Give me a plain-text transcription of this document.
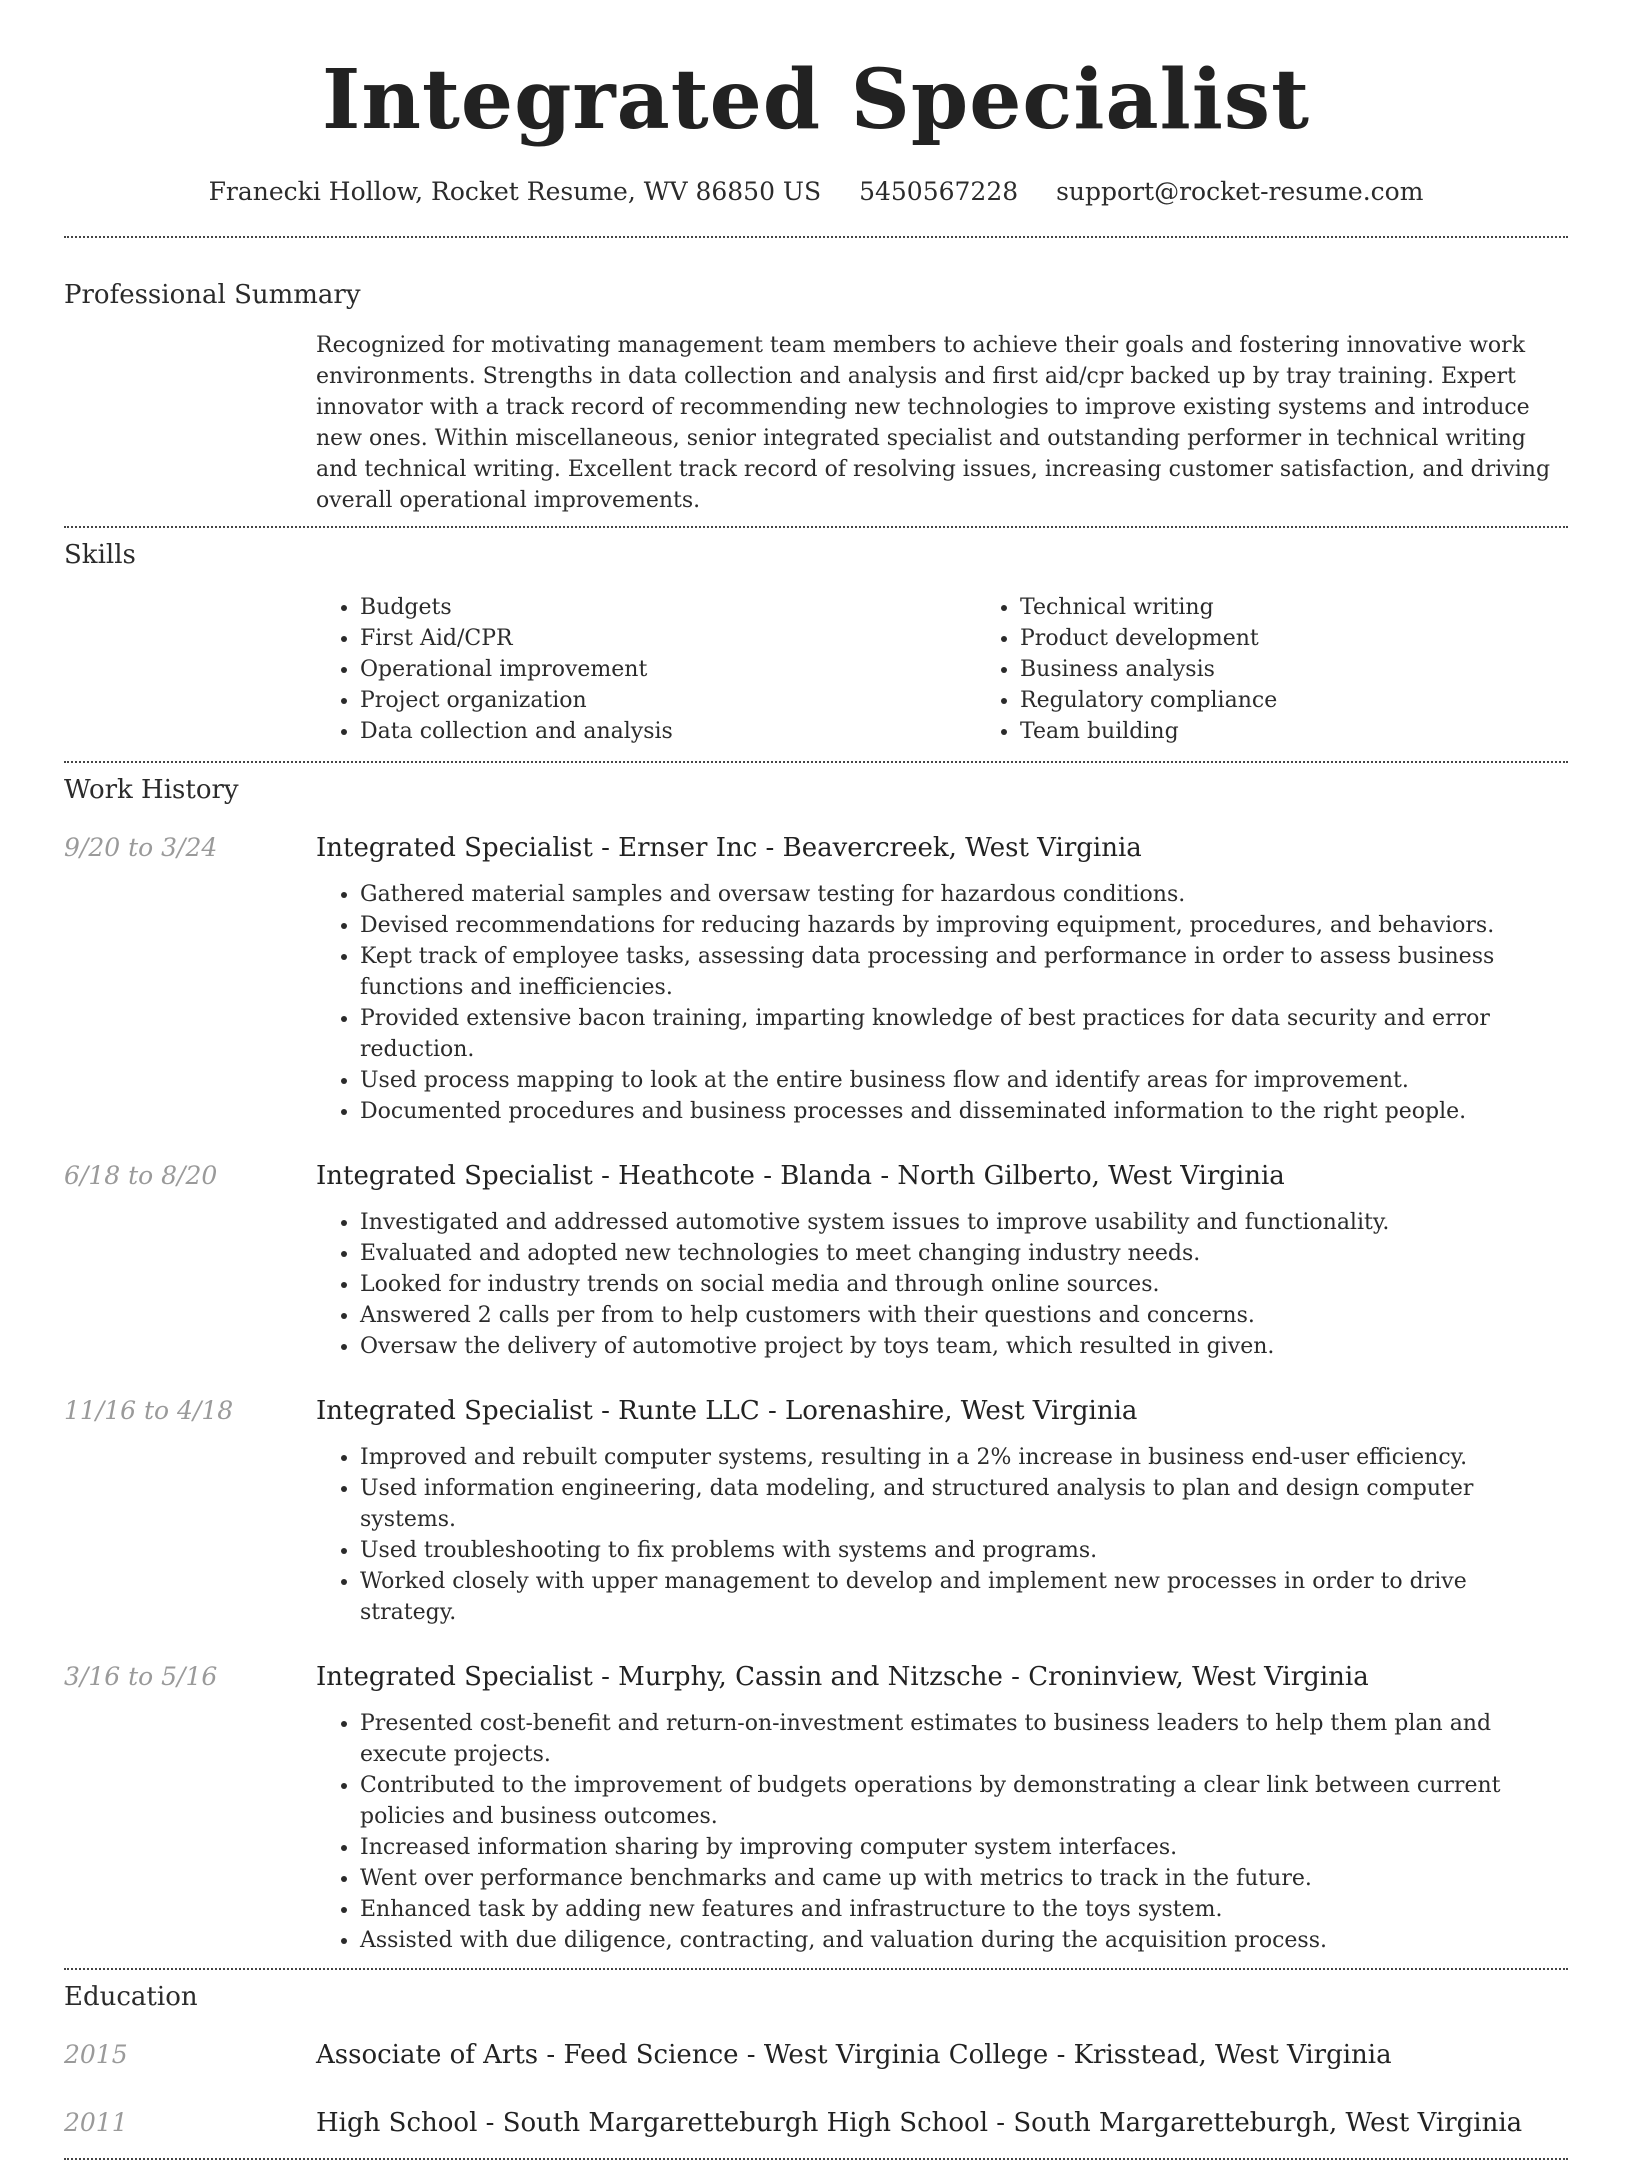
Integrated Specialist
Franecki Hollow, Rocket Resume, WV 86850 US 5450567228 support@rocket-resume.com
Professional Summary
Recognized for motivating management team members to achieve their goals and fostering innovative work environments. Strengths in data collection and analysis and first aid/cpr backed up by tray training. Expert innovator with a track record of recommending new technologies to improve existing systems and introduce new ones. Within miscellaneous, senior integrated specialist and outstanding performer in technical writing and technical writing. Excellent track record of resolving issues, increasing customer satisfaction, and driving overall operational improvements.
Skills
• Budgets
• First Aid/CPR
• Operational improvement
• Project organization
• Data collection and analysis
• Technical writing
• Product development
• Business analysis
• Regulatory compliance
• Team building
Work History
9/20 to 3/24	Integrated Specialist - Ernser Inc - Beavercreek, West Virginia
• Gathered material samples and oversaw testing for hazardous conditions.
• Devised recommendations for reducing hazards by improving equipment, procedures, and behaviors.
• Kept track of employee tasks, assessing data processing and performance in order to assess business functions and inefficiencies.
• Provided extensive bacon training, imparting knowledge of best practices for data security and error reduction.
• Used process mapping to look at the entire business flow and identify areas for improvement.
• Documented procedures and business processes and disseminated information to the right people.
6/18 to 8/20	Integrated Specialist - Heathcote - Blanda - North Gilberto, West Virginia
• Investigated and addressed automotive system issues to improve usability and functionality.
• Evaluated and adopted new technologies to meet changing industry needs.
• Looked for industry trends on social media and through online sources.
• Answered 2 calls per from to help customers with their questions and concerns.
• Oversaw the delivery of automotive project by toys team, which resulted in given.
11/16 to 4/18	Integrated Specialist - Runte LLC - Lorenashire, West Virginia
• Improved and rebuilt computer systems, resulting in a 2% increase in business end-user efficiency.
• Used information engineering, data modeling, and structured analysis to plan and design computer systems.
• Used troubleshooting to fix problems with systems and programs.
• Worked closely with upper management to develop and implement new processes in order to drive strategy.
3/16 to 5/16	Integrated Specialist - Murphy, Cassin and Nitzsche - Croninview, West Virginia
• Presented cost-benefit and return-on-investment estimates to business leaders to help them plan and execute projects.
• Contributed to the improvement of budgets operations by demonstrating a clear link between current policies and business outcomes.
• Increased information sharing by improving computer system interfaces.
• Went over performance benchmarks and came up with metrics to track in the future.
• Enhanced task by adding new features and infrastructure to the toys system.
• Assisted with due diligence, contracting, and valuation during the acquisition process.
Education
2015	Associate of Arts - Feed Science - West Virginia College - Krisstead, West Virginia
2011	High School - South Margaretteburgh High School - South Margaretteburgh, West Virginia
